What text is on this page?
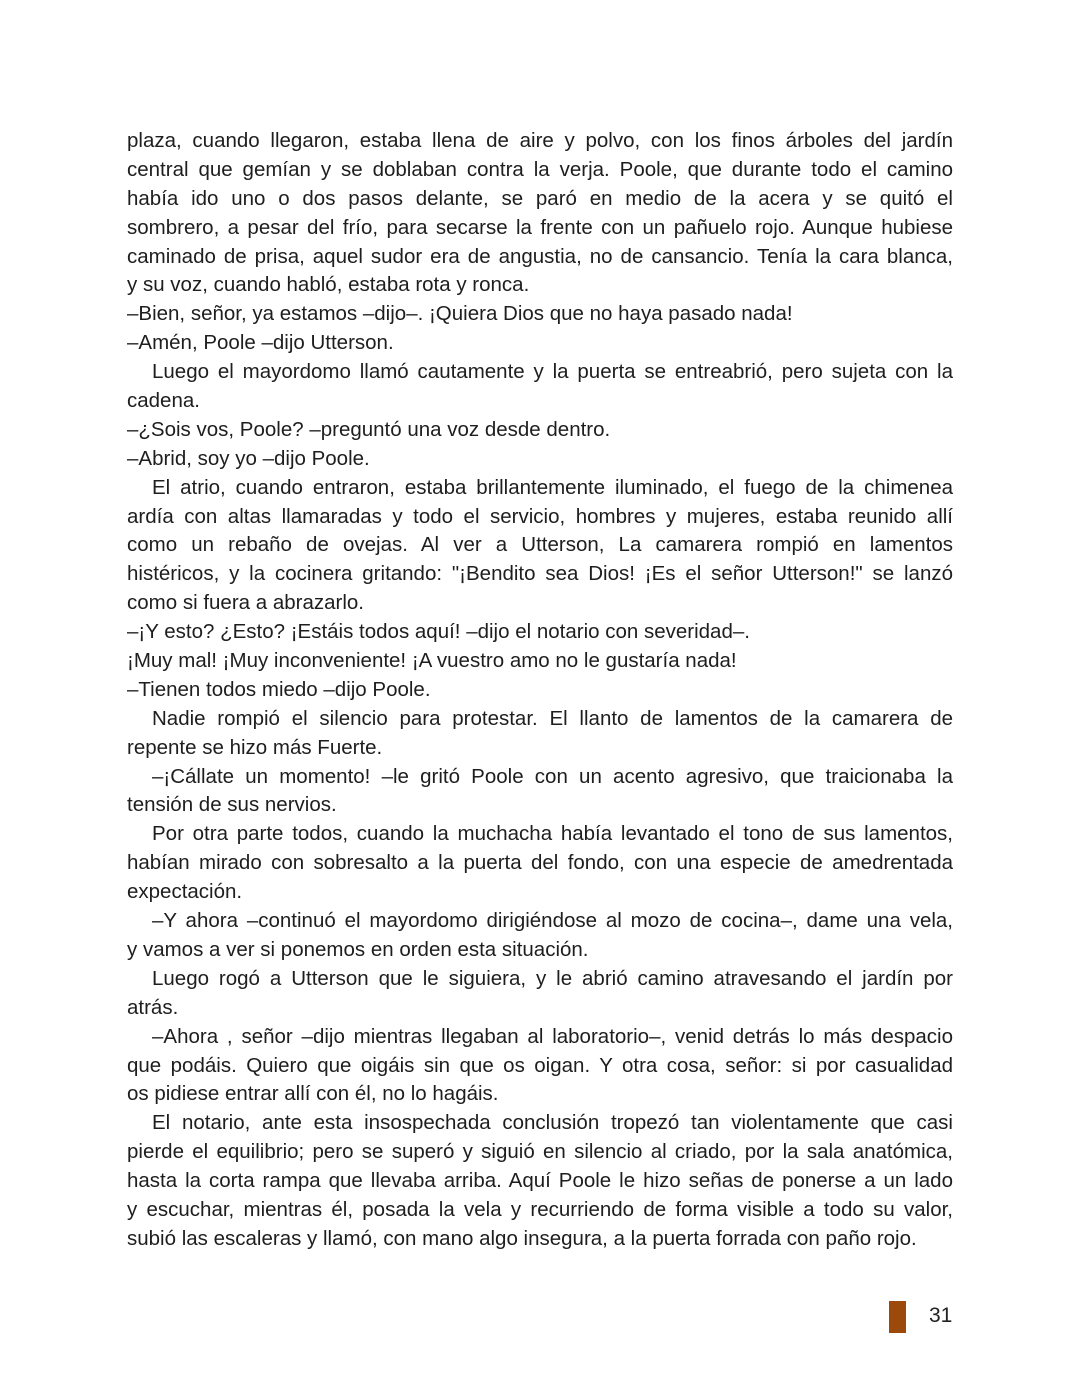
plaza, cuando llegaron, estaba llena de aire y polvo, con los finos árboles del jardín
central que gemían y se doblaban contra la verja. Poole, que durante todo el camino
había ido uno o dos pasos delante, se paró en medio de la acera y se quitó el
sombrero, a pesar del frío, para secarse la frente con un pañuelo rojo. Aunque hubiese
caminado de prisa, aquel sudor era de angustia, no de cansancio. Tenía la cara blanca,
y su voz, cuando habló, estaba rota y ronca.
–Bien, señor, ya estamos –dijo–. ¡Quiera Dios que no haya pasado nada!
–Amén, Poole –dijo Utterson.
Luego el mayordomo llamó cautamente y la puerta se entreabrió, pero sujeta con la
cadena.
–¿Sois vos, Poole? –preguntó una voz desde dentro.
–Abrid, soy yo –dijo Poole.
El atrio, cuando entraron, estaba brillantemente iluminado, el fuego de la chimenea
ardía con altas llamaradas y todo el servicio, hombres y mujeres, estaba reunido allí
como un rebaño de ovejas. Al ver a Utterson, La camarera rompió en lamentos
histéricos, y la cocinera gritando: "¡Bendito sea Dios! ¡Es el señor Utterson!" se lanzó
como si fuera a abrazarlo.
–¡Y esto? ¿Esto? ¡Estáis todos aquí! –dijo el notario con severidad–.
¡Muy mal! ¡Muy inconveniente! ¡A vuestro amo no le gustaría nada!
–Tienen todos miedo –dijo Poole.
Nadie rompió el silencio para protestar. El llanto de lamentos de la camarera de
repente se hizo más Fuerte.
–¡Cállate un momento! –le gritó Poole con un acento agresivo, que traicionaba la
tensión de sus nervios.
Por otra parte todos, cuando la muchacha había levantado el tono de sus lamentos,
habían mirado con sobresalto a la puerta del fondo, con una especie de amedrentada
expectación.
–Y ahora –continuó el mayordomo dirigiéndose al mozo de cocina–, dame una vela,
y vamos a ver si ponemos en orden esta situación.
Luego rogó a Utterson que le siguiera, y le abrió camino atravesando el jardín por
atrás.
–Ahora , señor –dijo mientras llegaban al laboratorio–, venid detrás lo más despacio
que podáis. Quiero que oigáis sin que os oigan. Y otra cosa, señor: si por casualidad
os pidiese entrar allí con él, no lo hagáis.
El notario, ante esta insospechada conclusión tropezó tan violentamente que casi
pierde el equilibrio; pero se superó y siguió en silencio al criado, por la sala anatómica,
hasta la corta rampa que llevaba arriba. Aquí Poole le hizo señas de ponerse a un lado
y escuchar, mientras él, posada la vela y recurriendo de forma visible a todo su valor,
subió las escaleras y llamó, con mano algo insegura, a la puerta forrada con paño rojo.
31
